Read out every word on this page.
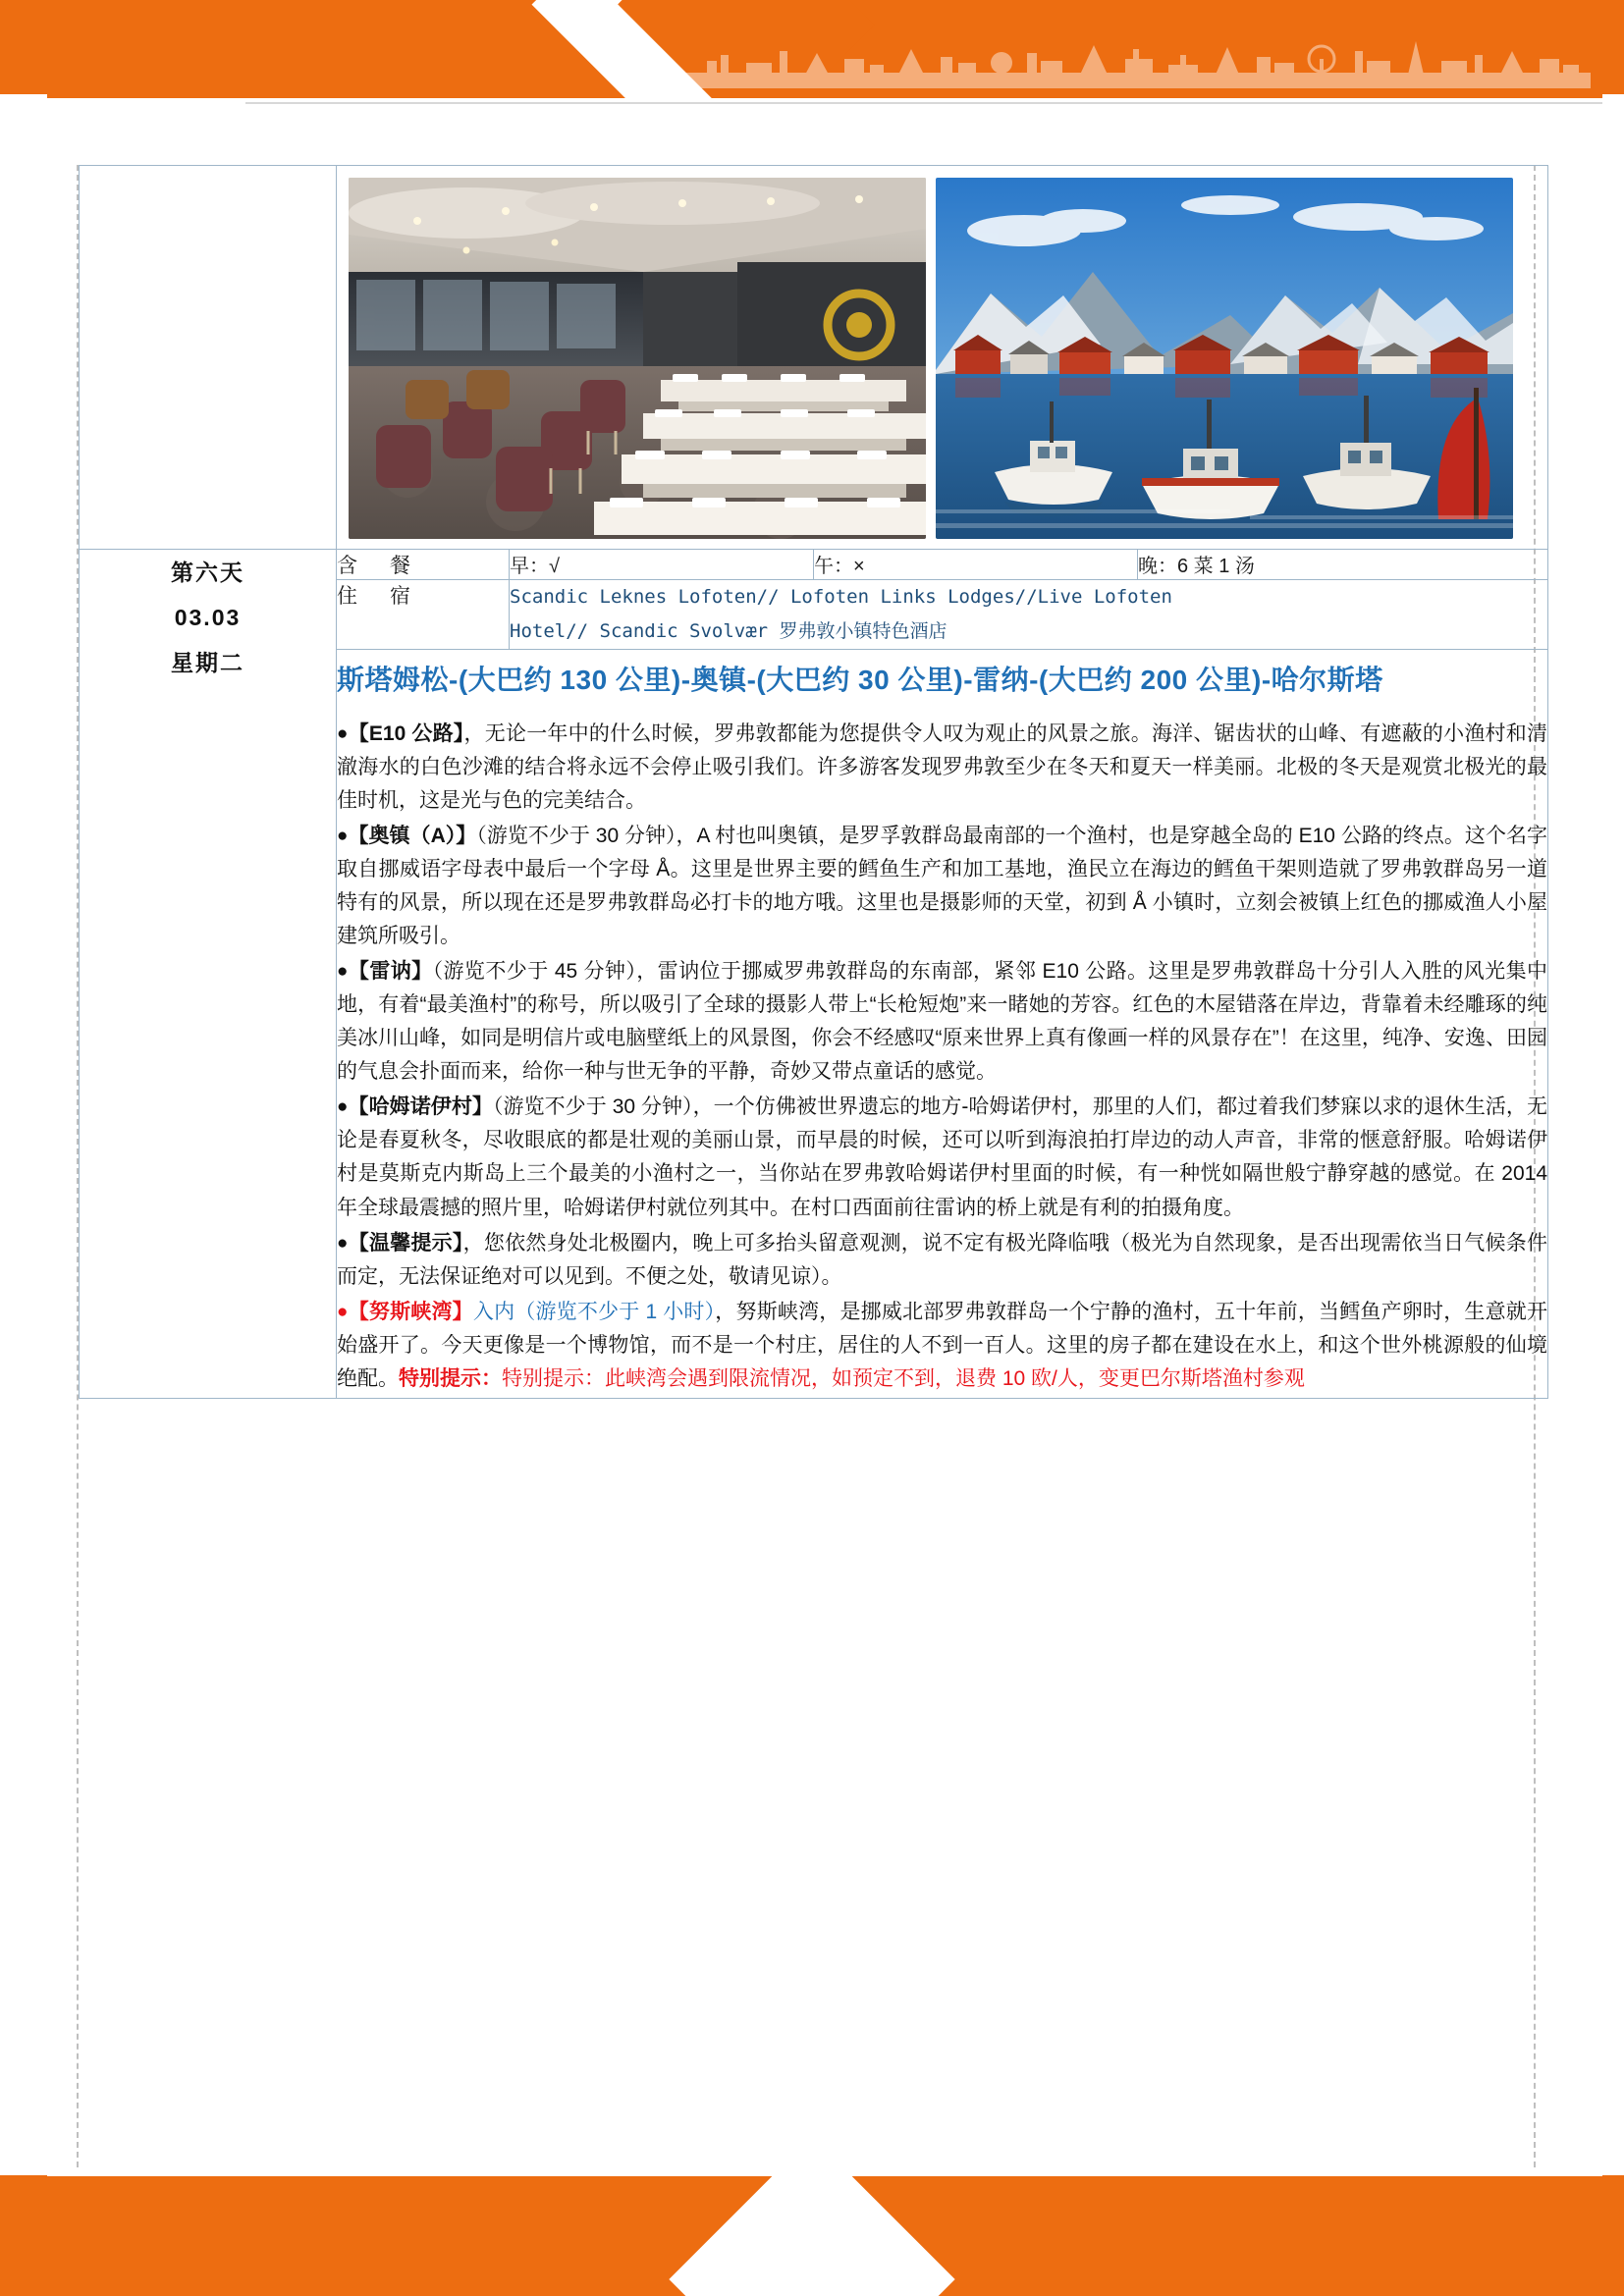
第六天
03.03
星期二	含　餐	早：√	午：×	晚：6 菜 1 汤
	住　宿	Scandic Leknes Lofoten// Lofoten Links Lodges//Live Lofoten
Hotel// Scandic Svolvær 罗弗敦小镇特色酒店		

斯塔姆松-(大巴约 130 公里)-奥镇-(大巴约 30 公里)-雷纳-(大巴约 200 公里)-哈尔斯塔

●【E10 公路】，无论一年中的什么时候，罗弗敦都能为您提供令人叹为观止的风景之旅。海洋、锯齿状的山峰、有遮蔽的小渔村和清澈海水的白色沙滩的结合将永远不会停止吸引我们。许多游客发现罗弗敦至少在冬天和夏天一样美丽。北极的冬天是观赏北极光的最佳时机，这是光与色的完美结合。

●【奥镇（A）】（游览不少于 30 分钟），A 村也叫奥镇，是罗孚敦群岛最南部的一个渔村，也是穿越全岛的 E10 公路的终点。这个名字取自挪威语字母表中最后一个字母 Å。这里是世界主要的鳕鱼生产和加工基地，渔民立在海边的鳕鱼干架则造就了罗弗敦群岛另一道特有的风景，所以现在还是罗弗敦群岛必打卡的地方哦。这里也是摄影师的天堂，初到 Å 小镇时，立刻会被镇上红色的挪威渔人小屋建筑所吸引。

●【雷讷】（游览不少于 45 分钟），雷讷位于挪威罗弗敦群岛的东南部，紧邻 E10 公路。这里是罗弗敦群岛十分引人入胜的风光集中地，有着“最美渔村”的称号，所以吸引了全球的摄影人带上“长枪短炮”来一睹她的芳容。红色的木屋错落在岸边，背靠着未经雕琢的纯美冰川山峰，如同是明信片或电脑壁纸上的风景图，你会不经感叹“原来世界上真有像画一样的风景存在”！在这里，纯净、安逸、田园的气息会扑面而来，给你一种与世无争的平静，奇妙又带点童话的感觉。

●【哈姆诺伊村】（游览不少于 30 分钟），一个仿佛被世界遗忘的地方-哈姆诺伊村，那里的人们，都过着我们梦寐以求的退休生活，无论是春夏秋冬，尽收眼底的都是壮观的美丽山景，而早晨的时候，还可以听到海浪拍打岸边的动人声音，非常的惬意舒服。哈姆诺伊村是莫斯克内斯岛上三个最美的小渔村之一，当你站在罗弗敦哈姆诺伊村里面的时候，有一种恍如隔世般宁静穿越的感觉。在 2014 年全球最震撼的照片里，哈姆诺伊村就位列其中。在村口西面前往雷讷的桥上就是有利的拍摄角度。

●【温馨提示】，您依然身处北极圈内，晚上可多抬头留意观测，说不定有极光降临哦（极光为自然现象，是否出现需依当日气候条件而定，无法保证绝对可以见到。不便之处，敬请见谅）。

●【努斯峡湾】入内（游览不少于 1 小时），努斯峡湾，是挪威北部罗弗敦群岛一个宁静的渔村，五十年前，当鳕鱼产卵时，生意就开始盛开了。今天更像是一个博物馆，而不是一个村庄，居住的人不到一百人。这里的房子都在建设在水上，和这个世外桃源般的仙境绝配。特别提示：特别提示：此峡湾会遇到限流情况，如预定不到，退费 10 欧/人，变更巴尔斯塔渔村参观
